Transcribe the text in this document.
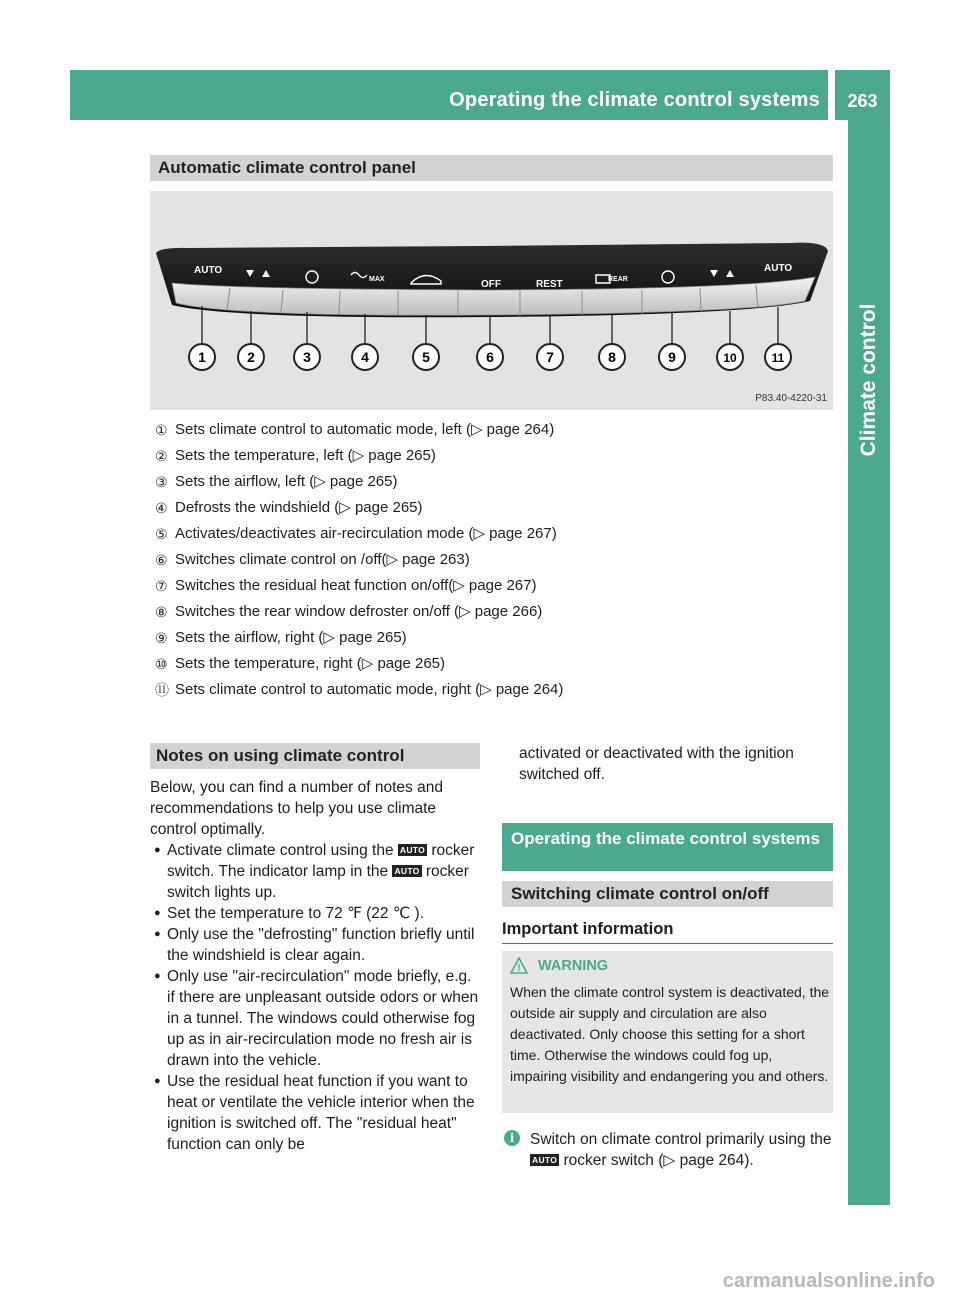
Operating the climate control systems	263
Climate control
Automatic climate control panel
AUTO
OFF	REST
AUTO
REAR
MAX
1	2	3	4	5	6	7	8	9	10	11
P83.40-4220-31
① Sets climate control to automatic mode, left (▷ page 264)
② Sets the temperature, left (▷ page 265)
③ Sets the airflow, left (▷ page 265)
④ Defrosts the windshield (▷ page 265)
⑤ Activates/deactivates air-recirculation mode (▷ page 267)
⑥ Switches climate control on /off(▷ page 263)
⑦ Switches the residual heat function on/off(▷ page 267)
⑧ Switches the rear window defroster on/off (▷ page 266)
⑨ Sets the airflow, right (▷ page 265)
⑩ Sets the temperature, right (▷ page 265)
⑪ Sets climate control to automatic mode, right (▷ page 264)
Notes on using climate control
Below, you can find a number of notes and recommendations to help you use climate control optimally.
● Activate climate control using the AUTO rocker switch. The indicator lamp in the AUTO rocker switch lights up.
● Set the temperature to 72 ℉ (22 ℃ ).
● Only use the "defrosting" function briefly until the windshield is clear again.
● Only use "air-recirculation" mode briefly, e.g. if there are unpleasant outside odors or when in a tunnel. The windows could otherwise fog up as in air-recirculation mode no fresh air is drawn into the vehicle.
● Use the residual heat function if you want to heat or ventilate the vehicle interior when the ignition is switched off. The "residual heat" function can only be
activated or deactivated with the ignition switched off.
Operating the climate control systems
Switching climate control on/off
Important information
! WARNING
When the climate control system is deactivated, the outside air supply and circulation are also deactivated. Only choose this setting for a short time. Otherwise the windows could fog up, impairing visibility and endangering you and others.
i	Switch on climate control primarily using the AUTO rocker switch (▷ page 264).
carmanualsonline.info
